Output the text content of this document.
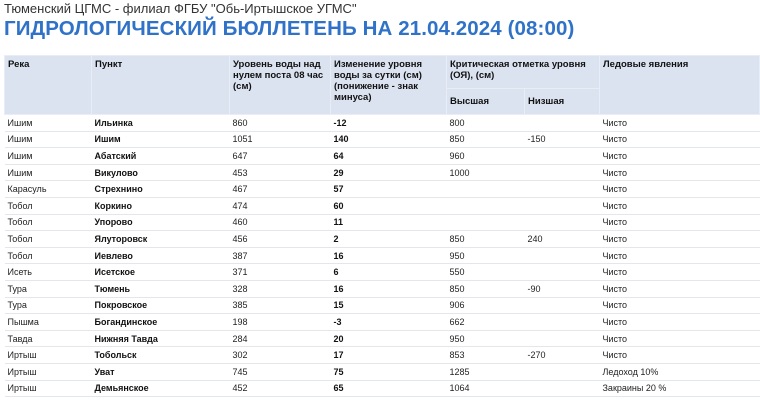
Тюменский ЦГМС - филиал ФГБУ "Обь-Иртышское УГМС"
ГИДРОЛОГИЧЕСКИЙ БЮЛЛЕТЕНЬ НА 21.04.2024 (08:00)
Река	Пункт	Уровень воды над нулем поста 08 час (см)	Изменение уровня воды за сутки (см) (понижение - знак минуса)	Критическая отметка уровня (ОЯ), (см)		Ледовые явления
				Высшая	Низшая	
Ишим	Ильинка	860	-12	800		Чисто
Ишим	Ишим	1051	140	850	-150	Чисто
Ишим	Абатский	647	64	960		Чисто
Ишим	Викулово	453	29	1000		Чисто
Карасуль	Стрехнино	467	57			Чисто
Тобол	Коркино	474	60			Чисто
Тобол	Упорово	460	11			Чисто
Тобол	Ялуторовск	456	2	850	240	Чисто
Тобол	Иевлево	387	16	950		Чисто
Исеть	Исетское	371	6	550		Чисто
Тура	Тюмень	328	16	850	-90	Чисто
Тура	Покровское	385	15	906		Чисто
Пышма	Богандинское	198	-3	662		Чисто
Тавда	Нижняя Тавда	284	20	950		Чисто
Иртыш	Тобольск	302	17	853	-270	Чисто
Иртыш	Уват	745	75	1285		Ледоход 10%
Иртыш	Демьянское	452	65	1064		Закраины 20 %
